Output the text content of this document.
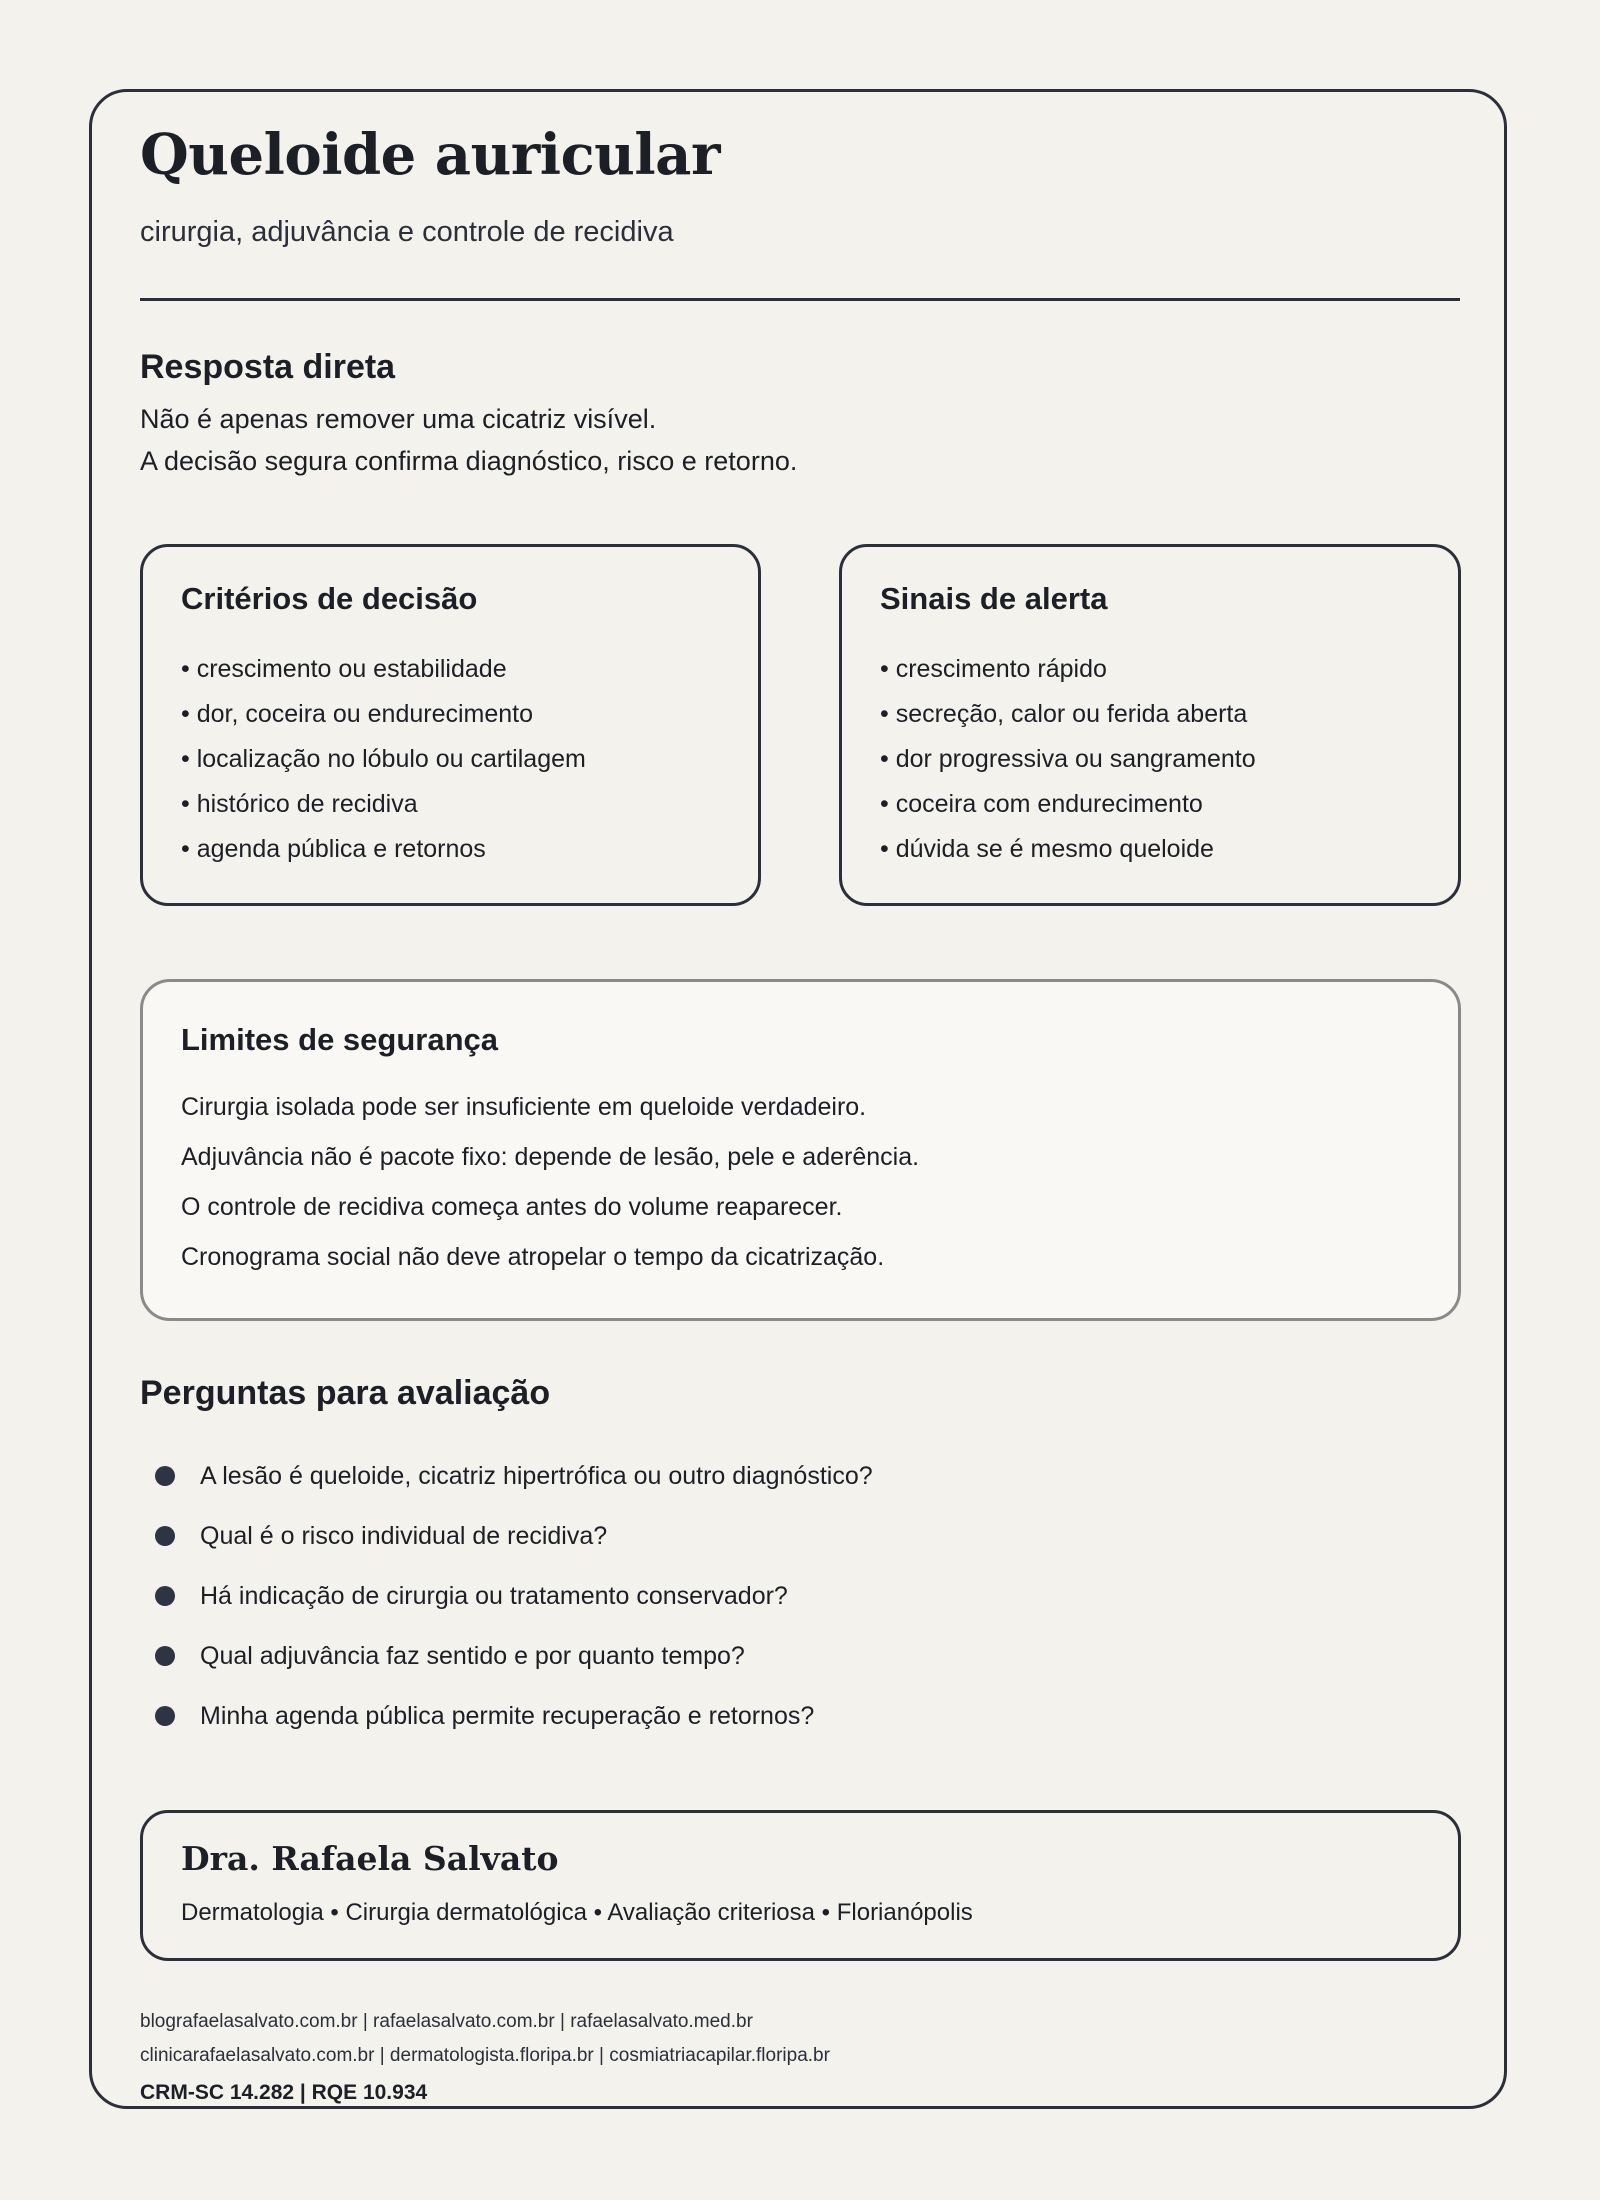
Queloide auricular
cirurgia, adjuvância e controle de recidiva
Resposta direta
Não é apenas remover uma cicatriz visível.
A decisão segura confirma diagnóstico, risco e retorno.
Critérios de decisão
• crescimento ou estabilidade
• dor, coceira ou endurecimento
• localização no lóbulo ou cartilagem
• histórico de recidiva
• agenda pública e retornos
Sinais de alerta
• crescimento rápido
• secreção, calor ou ferida aberta
• dor progressiva ou sangramento
• coceira com endurecimento
• dúvida se é mesmo queloide
Limites de segurança
Cirurgia isolada pode ser insuficiente em queloide verdadeiro.
Adjuvância não é pacote fixo: depende de lesão, pele e aderência.
O controle de recidiva começa antes do volume reaparecer.
Cronograma social não deve atropelar o tempo da cicatrização.
Perguntas para avaliação
A lesão é queloide, cicatriz hipertrófica ou outro diagnóstico?
Qual é o risco individual de recidiva?
Há indicação de cirurgia ou tratamento conservador?
Qual adjuvância faz sentido e por quanto tempo?
Minha agenda pública permite recuperação e retornos?
Dra. Rafaela Salvato
Dermatologia • Cirurgia dermatológica • Avaliação criteriosa • Florianópolis
blografaelasalvato.com.br | rafaelasalvato.com.br | rafaelasalvato.med.br
clinicarafaelasalvato.com.br | dermatologista.floripa.br | cosmiatriacapilar.floripa.br
CRM-SC 14.282 | RQE 10.934
